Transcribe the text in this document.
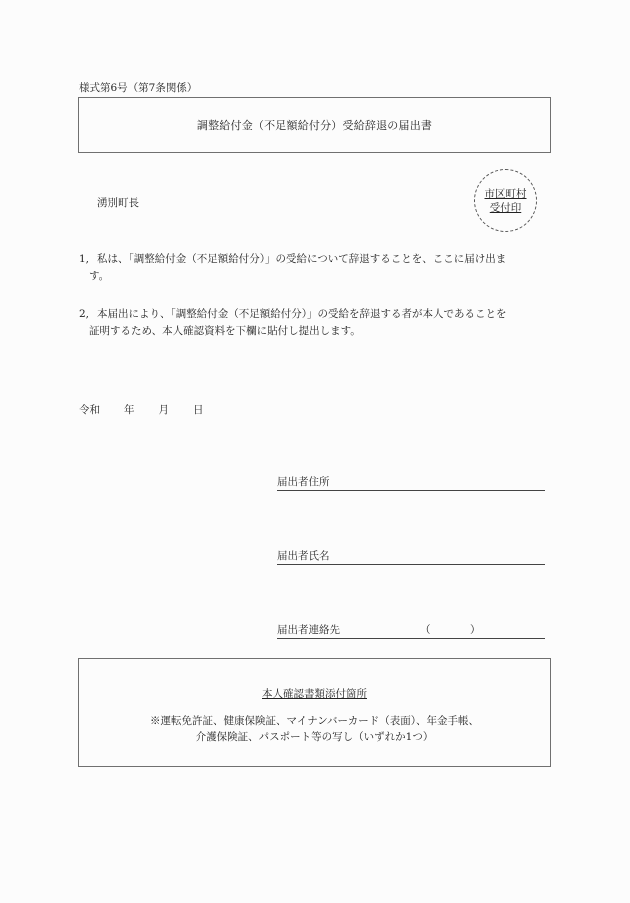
様式第6号（第7条関係）
調整給付金（不足額給付分）受給辞退の届出書
湧別町長
市区町村
受付印
1, 私は、「調整給付金（不足額給付分）」の受給について辞退することを、ここに届け出ま
す。
2, 本届出により、「調整給付金（不足額給付分）」の受給を辞退する者が本人であることを
証明するため、本人確認資料を下欄に貼付し提出します。
令和 年 月 日
届出者住所
届出者氏名
届出者連絡先	（	）
本人確認書類添付箇所
※運転免許証、健康保険証、マイナンバーカード（表面）、年金手帳、
介護保険証、パスポート等の写し（いずれか1つ）
